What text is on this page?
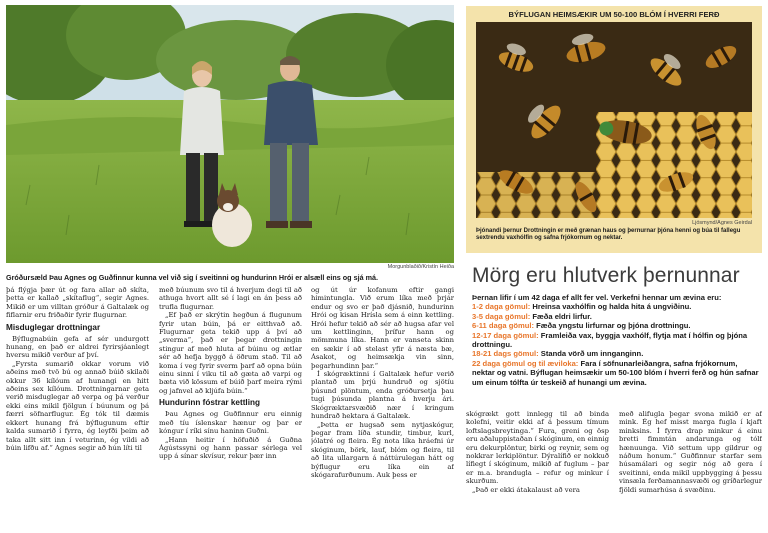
Morgunblaðið/Kristín Heiða
Gróðursæld Þau Agnes og Guðfinnur kunna vel við sig í sveitinni og hundurinn Hrói er alsæll eins og sjá má.

þá flýgja þær út og fara allar að skíta, þetta er kallað „skítaflug“, segir Agnes. Mikið er um villtan gróður á Galtalæk og fiflarnir eru friðaðir fyrir flugurnar.

Misduglegar drottningar

Býflugnabúin gefa af sér undurgott hunang, en það er aldrei fyrirsjáanlegt hversu mikið verður af því.

„Fyrsta sumarið okkar vorum við aðeins með tvö bú og annað búið skilaði okkur 36 kílóum af hunangi en hitt aðeins sex kílóum. Drottningarnar geta verið misduglegar að verpa og þá verður ekki eins mikil fjölgun í búunum og þá færri söfnarflugur. Ég tók til dæmis ekkert hunang frá býflugunum eftir kalda sumarið í fyrra, ég leyfði þeim að taka allt sitt inn í veturinn, ég vildi að búin lifðu af.“ Agnes segir að hún líti til

með búunum svo til á hverjum degi til að athuga hvort allt sé í lagi en án þess að trufla flugurnar.

„Ef það er skrýtin hegðun á flugunum fyrir utan búin, þá er eitthvað að. Flugurnar geta tekið upp á því að „sverma“, það er þegar drottningin stingur af með hluta af búinu og ætlar sér að hefja byggð á öðrum stað. Til að koma í veg fyrir sverm þarf að opna búin einu sinni í viku til að gæta að varpi og bæta við kössum ef búið þarf meira rými og jafnvel að kljúfa búin.“

Hundurinn fóstrar kettling

Þau Agnes og Guðfinnur eru einnig með tíu íslenskar hænur og þar er kóngur í ríki sínu haninn Guðni.

„Hann heitir í höfuðið á Guðna Ágústssyni og hann passar sérlega vel upp á sínar skvísur, rekur þær inn

og út úr kofanum eftir gangi himintungla. Við erum líka með þrjár endur og svo er það djásnið, hundurinn Hrói og kisan Hrísla sem á einn kettling. Hrói hefur tekið að sér að hugsa afar vel um kettlinginn, þrífur hann og mömmuna líka. Hann er vanseta skinn en sækir í að stelast yfir á næsta bæ, Ásakot, og heimsækja vin sinn, þegarhundinn þar.“

Í skógræktinni í Galtalæk hefur verið plantað um þrjú hundruð og sjötíu þúsund plöntum, enda gróðursetja þau tugi þúsunda plantna á hverju ári. Skógræktarsvæðið nær í kringum hundrað hektara á Galtalæk.

„Þetta er hugsað sem nytjaskógur, þegar fram líða stundir, timbur, kurl, jólatré og fleira. Ég nota líka hráefni úr skóginum, börk, lauf, blóm og fleira, til að lita ullargarn á náttúrulegan hátt og býflugur eru líka ein af skógarafurðunum. Auk þess er

BÝFLUGAN HEIMSÆKIR UM 50-100 BLÓM Í HVERRI FERÐ
Ljósmynd/Agnes Geirdal
Þjónandi þernur Drottningin er með grænan haus og þernurnar þjóna henni og búa til fallegu sextrendu vaxhólfin og safna frjókornum og nektar.
Mörg eru hlutverk þernunnar
Þernan lifir í um 42 daga ef allt fer vel. Verkefni hennar um ævina eru:
1-2 daga gömul: Hreinsa vaxhólfin og halda hita á ungviðinu.
3-5 daga gömul: Fæða eldri lirfur.
6-11 daga gömul: Fæða yngstu lirfurnar og þjóna drottningu.
12-17 daga gömul: Framleiða vax, byggja vaxhólf, flytja mat í hólfin og þjóna drottningu.
18-21 dags gömul: Standa vörð um innganginn.
22 daga gömul og til æviloka: Fara í söfnunarleiðangra, safna frjókornum, nektar og vatni. Býflugan heimsækir um 50-100 blóm í hverri ferð og hún safnar um einum tólfta úr teskeið af hunangi um ævina.

skógrækt gott innlegg til að binda kolefni, veitir ekki af á þessum tímum loftslagsbreytinga.“ Fura, greni og ösp eru aðaluppistaðan í skóginum, en einnig eru dekurplöntur, birki og reynir, sem og nokkrar lerkiplöntur. Dýralífið er nokkuð lífiegt í skóginum, mikið af fuglum – þar er m.a. brandugla – refur og minkur í skurðum.

„Það er ekki átakalaust að vera

með alifugla þegar svona mikið er af mink. Ég hef misst marga fugla í kjaft minksins. Í fyrra drap minkur á einu bretti fimmtán andarunga og tólf hænuunga. Við settum upp gildrur og náðum honum.“ Guðfinnur starfar sem húsamálari og segir nóg að gera í sveitinni, enda mikil uppbygging á þessu vinsæla ferðamannasvæði og gríðarlegur fjöldi sumarhúsa á svæðinu.
